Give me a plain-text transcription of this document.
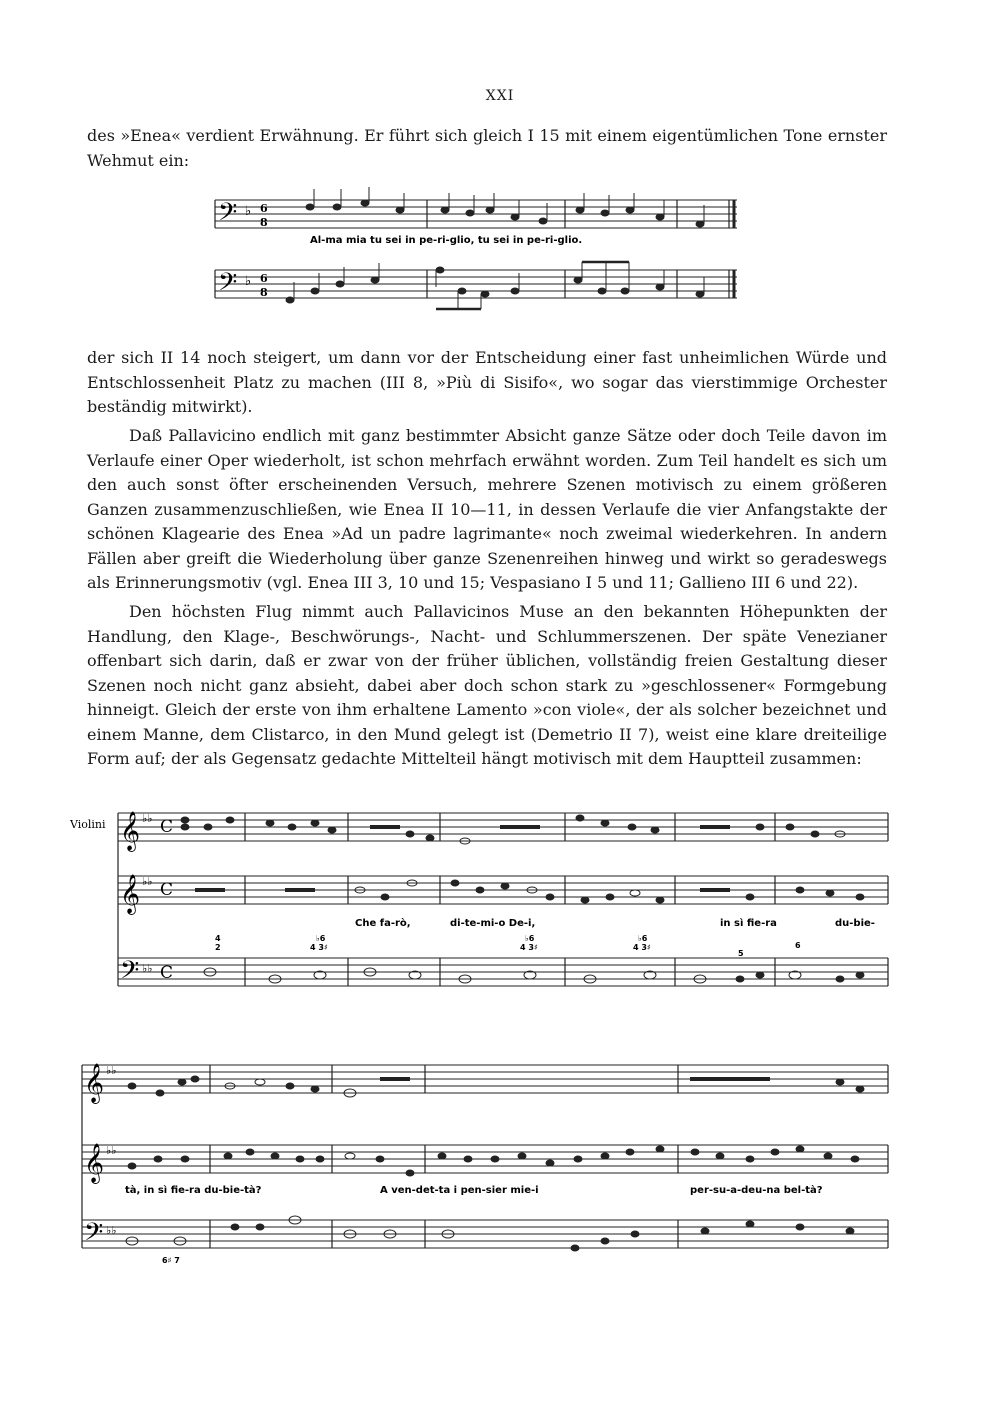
XXI
des »Enea« verdient Erwähnung. Er führt sich gleich I 15 mit einem eigentümlichen Tone ernster Wehmut ein:
𝄢
𝄢
♭
♭
6
8
6
8
Al-ma mia tu sei in pe-ri-glio, tu sei in pe-ri-glio.
der sich II 14 noch steigert, um dann vor der Entscheidung einer fast unheimlichen Würde und Entschlossenheit Platz zu machen (III 8, »Più di Sisifo«, wo sogar das vierstimmige Orchester beständig mitwirkt).
Daß Pallavicino endlich mit ganz bestimmter Absicht ganze Sätze oder doch Teile davon im Verlaufe einer Oper wiederholt, ist schon mehrfach erwähnt worden. Zum Teil handelt es sich um den auch sonst öfter erscheinenden Versuch, mehrere Szenen motivisch zu einem größeren Ganzen zusammenzuschließen, wie Enea II 10—11, in dessen Verlaufe die vier Anfangstakte der schönen Klagearie des Enea »Ad un padre lagrimante« noch zweimal wiederkehren. In andern Fällen aber greift die Wiederholung über ganze Szenenreihen hinweg und wirkt so geradeswegs als Erinnerungsmotiv (vgl. Enea III 3, 10 und 15; Vespasiano I 5 und 11; Gallieno III 6 und 22).
Den höchsten Flug nimmt auch Pallavicinos Muse an den bekannten Höhepunkten der Handlung, den Klage-, Beschwörungs-, Nacht- und Schlummerszenen. Der späte Venezianer offenbart sich darin, daß er zwar von der früher üblichen, vollständig freien Gestaltung dieser Szenen noch nicht ganz absieht, dabei aber doch schon stark zu »geschlossener« Formgebung hinneigt. Gleich der erste von ihm erhaltene Lamento »con viole«, der als solcher bezeichnet und einem Manne, dem Clistarco, in den Mund gelegt ist (Demetrio II 7), weist eine klare dreiteilige Form auf; der als Gegensatz gedachte Mittelteil hängt motivisch mit dem Hauptteil zusammen:
Violini 𝄞
𝄞
𝄢
♭♭
♭♭
♭♭
C
C
C
Che fa-rò,	di-te-mi-o De-i,	in sì fie-ra	du-bie-
4
2
♭6
4 3♯
♭6
4 3♯
♭6
4 3♯	6
5
𝄞
𝄞
𝄢
♭♭
♭♭
♭♭
tà, in sì fie-ra du-bie-tà?	A ven-det-ta i pen-sier mie-i	per-su-a-deu-na bel-tà?
6♯ 7
